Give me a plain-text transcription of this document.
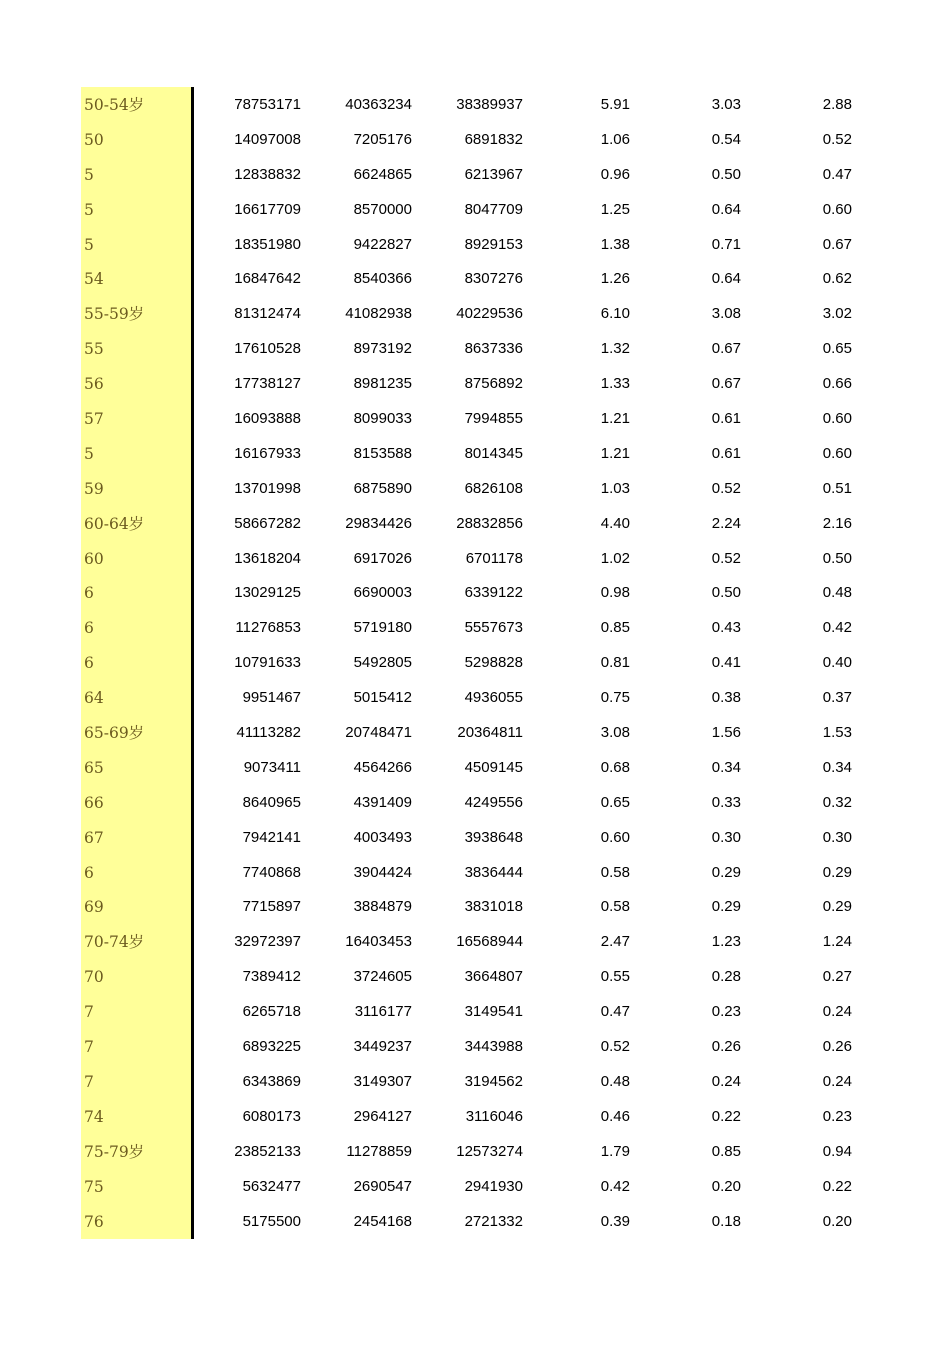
50-54岁	78753171	40363234	38389937	5.91	3.03	2.88
50	14097008	7205176	6891832	1.06	0.54	0.52
5	12838832	6624865	6213967	0.96	0.50	0.47
5	16617709	8570000	8047709	1.25	0.64	0.60
5	18351980	9422827	8929153	1.38	0.71	0.67
54	16847642	8540366	8307276	1.26	0.64	0.62
55-59岁	81312474	41082938	40229536	6.10	3.08	3.02
55	17610528	8973192	8637336	1.32	0.67	0.65
56	17738127	8981235	8756892	1.33	0.67	0.66
57	16093888	8099033	7994855	1.21	0.61	0.60
5	16167933	8153588	8014345	1.21	0.61	0.60
59	13701998	6875890	6826108	1.03	0.52	0.51
60-64岁	58667282	29834426	28832856	4.40	2.24	2.16
60	13618204	6917026	6701178	1.02	0.52	0.50
6	13029125	6690003	6339122	0.98	0.50	0.48
6	11276853	5719180	5557673	0.85	0.43	0.42
6	10791633	5492805	5298828	0.81	0.41	0.40
64	9951467	5015412	4936055	0.75	0.38	0.37
65-69岁	41113282	20748471	20364811	3.08	1.56	1.53
65	9073411	4564266	4509145	0.68	0.34	0.34
66	8640965	4391409	4249556	0.65	0.33	0.32
67	7942141	4003493	3938648	0.60	0.30	0.30
6	7740868	3904424	3836444	0.58	0.29	0.29
69	7715897	3884879	3831018	0.58	0.29	0.29
70-74岁	32972397	16403453	16568944	2.47	1.23	1.24
70	7389412	3724605	3664807	0.55	0.28	0.27
7	6265718	3116177	3149541	0.47	0.23	0.24
7	6893225	3449237	3443988	0.52	0.26	0.26
7	6343869	3149307	3194562	0.48	0.24	0.24
74	6080173	2964127	3116046	0.46	0.22	0.23
75-79岁	23852133	11278859	12573274	1.79	0.85	0.94
75	5632477	2690547	2941930	0.42	0.20	0.22
76	5175500	2454168	2721332	0.39	0.18	0.20
